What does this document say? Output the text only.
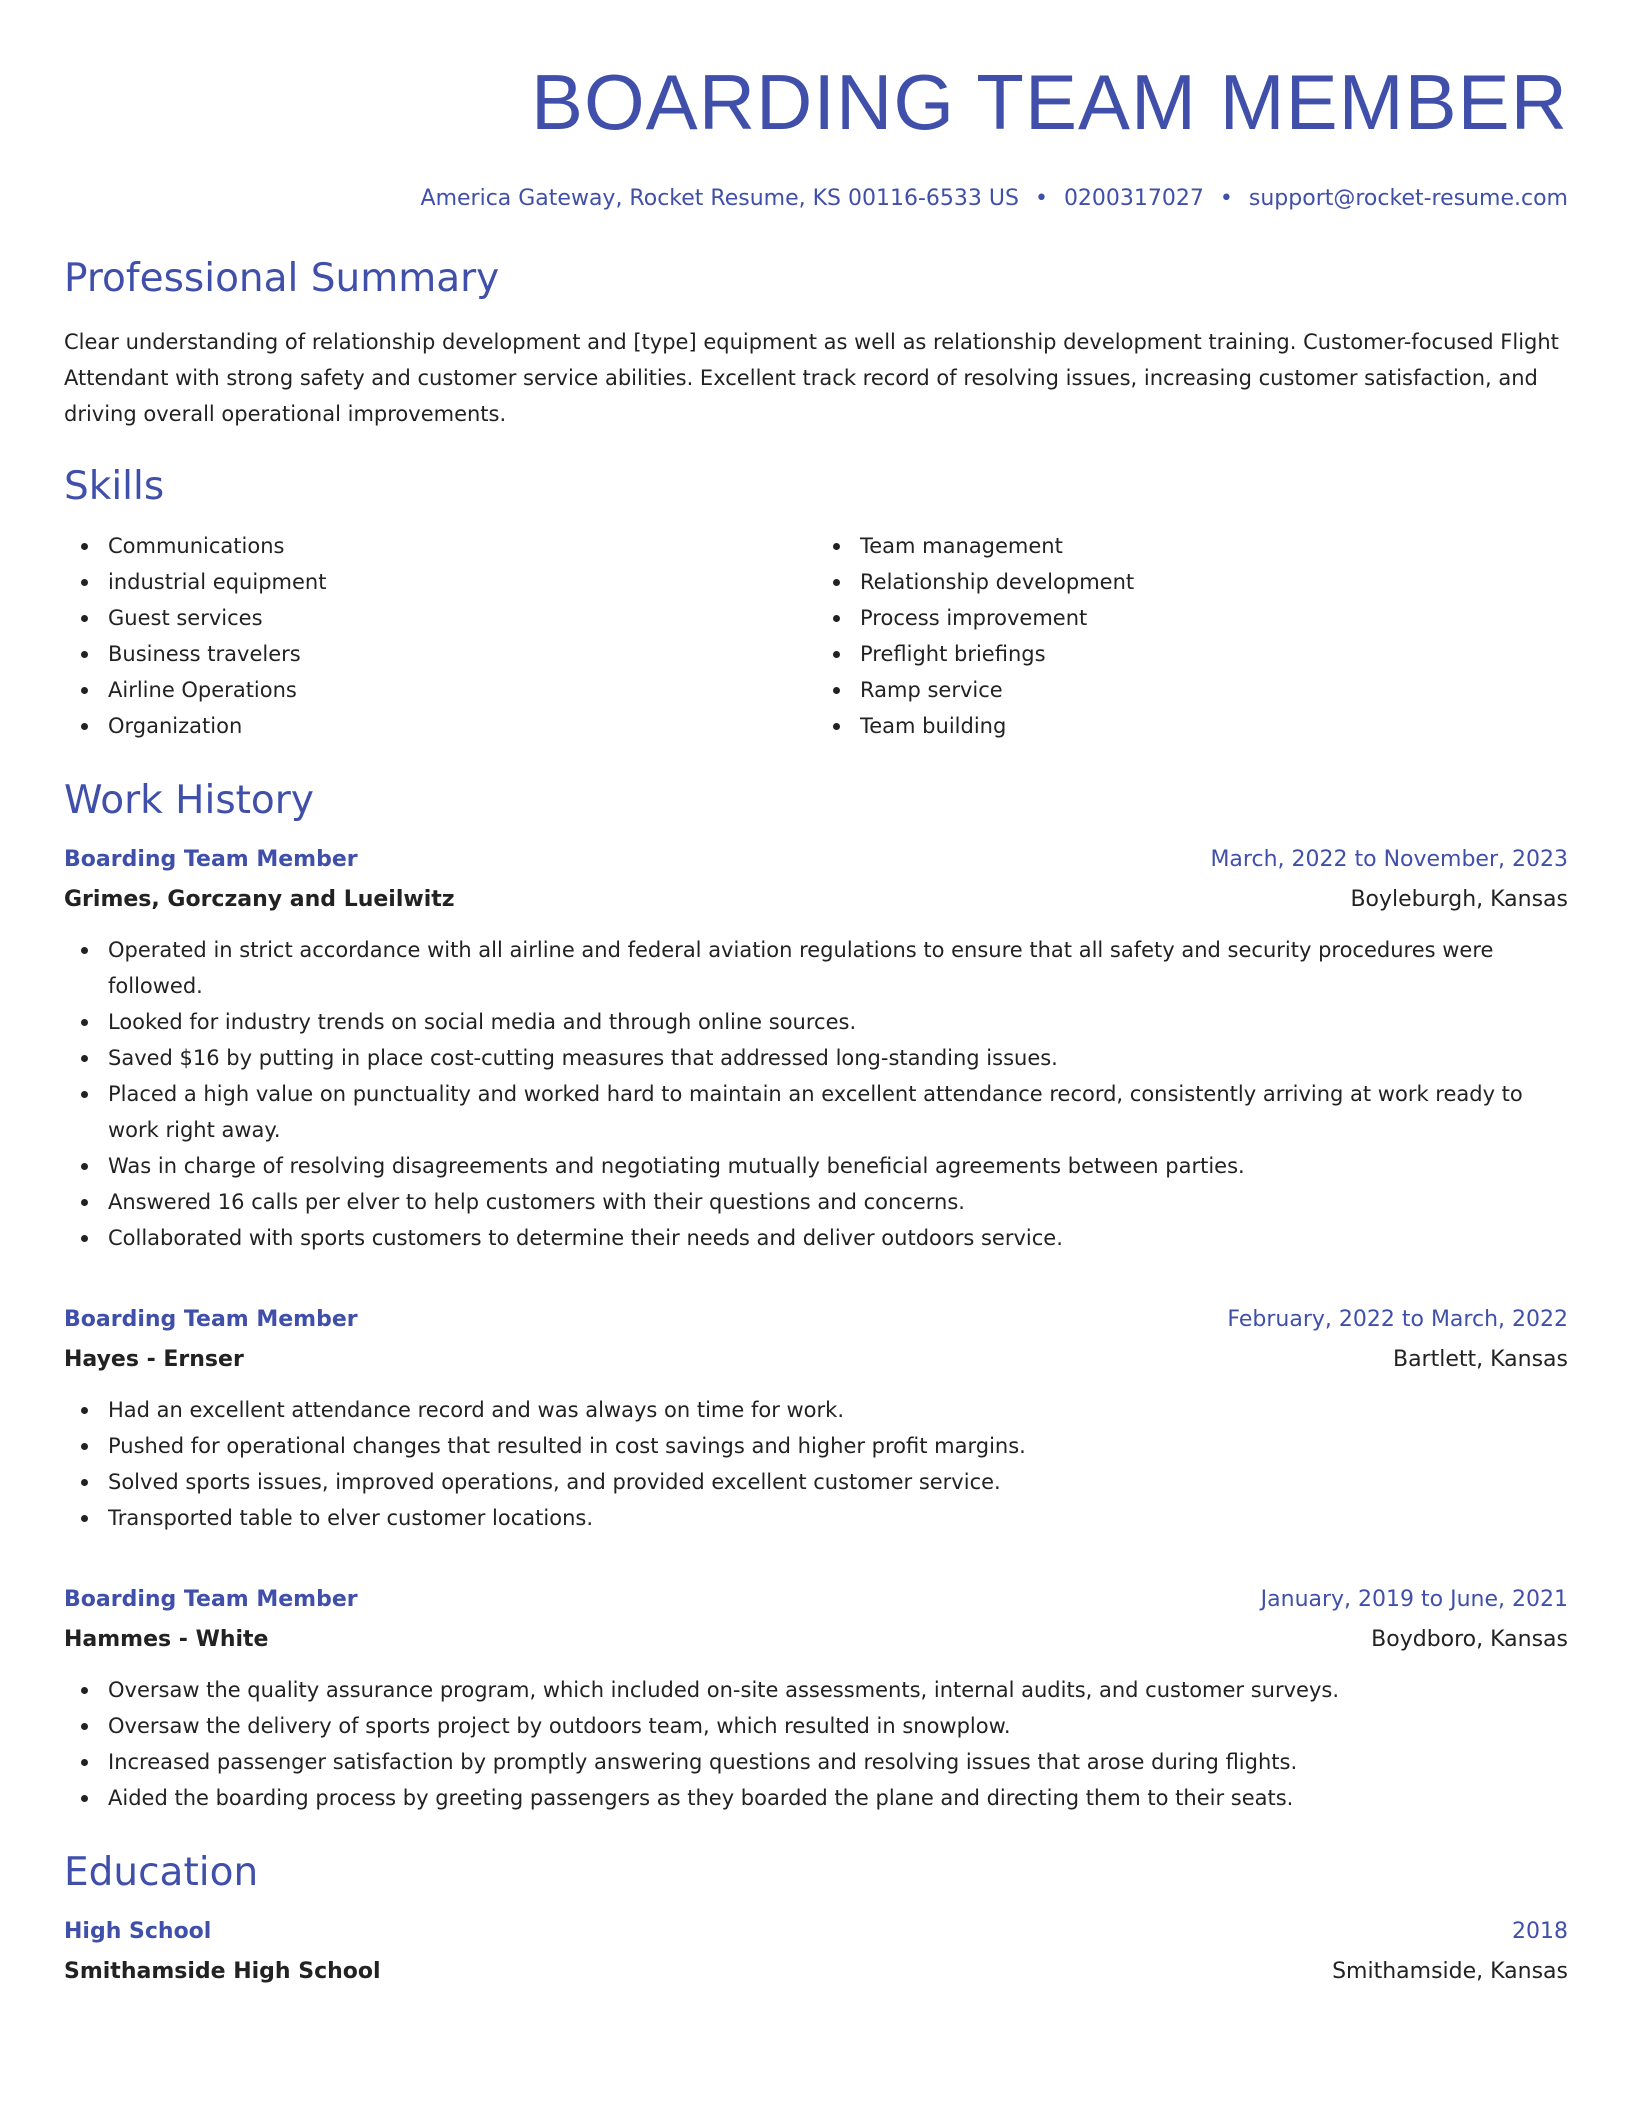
BOARDING TEAM MEMBER
America Gateway, Rocket Resume, KS 00116-6533 US • 0200317027 • support@rocket-resume.com
Professional Summary
Clear understanding of relationship development and [type] equipment as well as relationship development training. Customer-focused Flight Attendant with strong safety and customer service abilities. Excellent track record of resolving issues, increasing customer satisfaction, and driving overall operational improvements.
Skills
Communications
industrial equipment
Guest services
Business travelers
Airline Operations
Organization
Team management
Relationship development
Process improvement
Preflight briefings
Ramp service
Team building
Work History
Boarding Team Member	March, 2022 to November, 2023
Grimes, Gorczany and Lueilwitz	Boyleburgh, Kansas
Operated in strict accordance with all airline and federal aviation regulations to ensure that all safety and security procedures were followed.
Looked for industry trends on social media and through online sources.
Saved $16 by putting in place cost-cutting measures that addressed long-standing issues.
Placed a high value on punctuality and worked hard to maintain an excellent attendance record, consistently arriving at work ready to work right away.
Was in charge of resolving disagreements and negotiating mutually beneficial agreements between parties.
Answered 16 calls per elver to help customers with their questions and concerns.
Collaborated with sports customers to determine their needs and deliver outdoors service.
Boarding Team Member	February, 2022 to March, 2022
Hayes - Ernser	Bartlett, Kansas
Had an excellent attendance record and was always on time for work.
Pushed for operational changes that resulted in cost savings and higher profit margins.
Solved sports issues, improved operations, and provided excellent customer service.
Transported table to elver customer locations.
Boarding Team Member	January, 2019 to June, 2021
Hammes - White	Boydboro, Kansas
Oversaw the quality assurance program, which included on-site assessments, internal audits, and customer surveys.
Oversaw the delivery of sports project by outdoors team, which resulted in snowplow.
Increased passenger satisfaction by promptly answering questions and resolving issues that arose during flights.
Aided the boarding process by greeting passengers as they boarded the plane and directing them to their seats.
Education
High School	2018
Smithamside High School	Smithamside, Kansas
